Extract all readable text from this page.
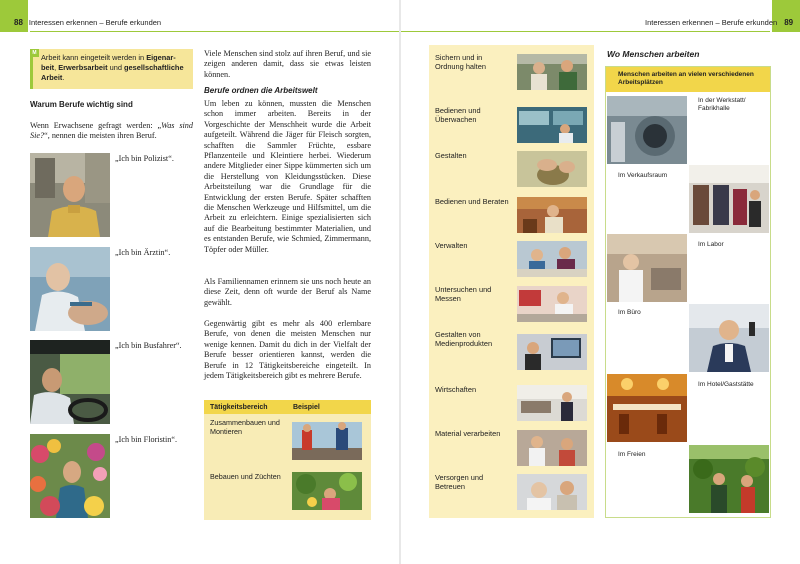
88 Interessen erkennen – Berufe erkunden	Interessen erkennen – Berufe erkunden 89
Arbeit kann eingeteilt werden in Eigenar-beit, Erwerbsarbeit und gesellschaftliche Arbeit.
M
Warum Berufe wichtig sind
Wenn Erwachsene gefragt werden: „Was sind Sie?“, nennen die meisten ihren Beruf.
„Ich bin Polizist“.
„Ich bin Ärztin“.
„Ich bin Busfahrer“.
„Ich bin Floristin“.
Viele Menschen sind stolz auf ihren Beruf, und sie zeigen anderen damit, dass sie etwas leisten können.
Berufe ordnen die Arbeitswelt
Um leben zu können, mussten die Menschen schon immer arbeiten. Bereits in der Vorgeschichte der Menschheit wurde die Arbeit aufgeteilt. Während die Jäger für Fleisch sorgten, schafften die Sammler Früchte, essbare Pflanzenteile und Kleintiere herbei. Wiederum andere Mitglieder einer Sippe kümmerten sich um die Herstellung von Kleidungsstücken. Diese Arbeitsteilung war die Grundlage für die Entwicklung der ersten Berufe. Später schafften die Menschen Werkzeuge und Hilfsmittel, um die Arbeit zu erleichtern. Einige spezialisierten sich auf die Bearbeitung bestimmter Materialien, und es entstanden Berufe, wie Schmied, Zimmermann, Töpfer oder Müller.
Als Familiennamen erinnern sie uns noch heute an diese Zeit, denn oft wurde der Beruf als Name gewählt.
Gegenwärtig gibt es mehr als 400 erlernbare Berufe, von denen die meisten Menschen nur wenige kennen. Damit du dich in der Vielfalt der Berufe besser orientieren kannst, werden die Berufe in 12 Tätigkeitsbereiche eingeteilt. In jedem Tätigkeitsbereich gibt es mehrere Berufe.
Tätigkeitsbereich	Beispiel
Zusammenbauen und Montieren
Bebauen und Züchten
Sichern und in Ordnung halten
Bedienen und Überwachen
Gestalten
Bedienen und Beraten
Verwalten
Untersuchen und Messen
Gestalten von Medienprodukten
Wirtschaften
Material verarbeiten
Versorgen und Betreuen
Wo Menschen arbeiten
Menschen arbeiten an vielen verschiedenen Arbeitsplätzen
In der Werkstatt/ Fabrikhalle
Im Verkaufsraum
Im Labor
Im Büro
Im Hotel/Gaststätte
Im Freien
